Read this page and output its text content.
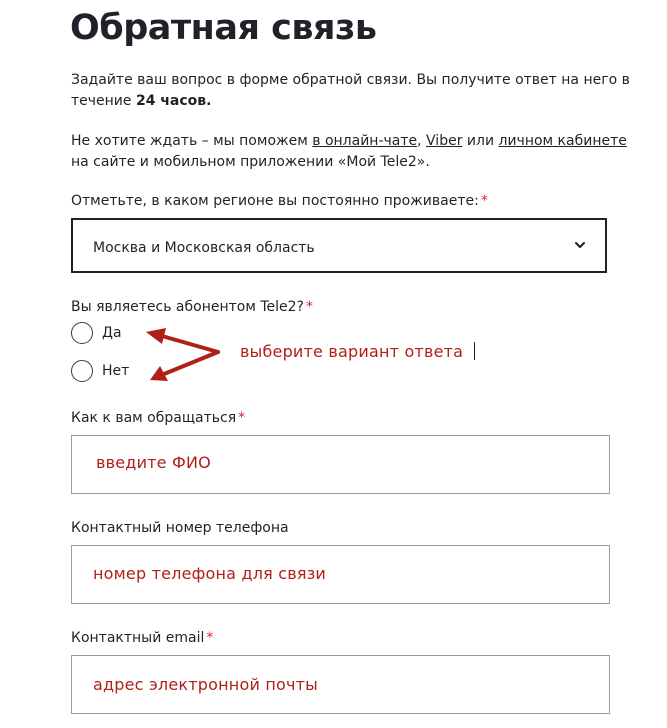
Обратная связь
Задайте ваш вопрос в форме обратной связи. Вы получите ответ на него в течение 24 часов.
Не хотите ждать – мы поможем в онлайн-чате, Viber или личном кабинете на сайте и мобильном приложении «Мой Tele2».
Отметьте, в каком регионе вы постоянно проживаете: *
Москва и Московская область
Вы являетесь абонентом Tele2? *
Да
Нет
выберите вариант ответа
Как к вам обращаться *
введите ФИО
Контактный номер телефона
номер телефона для связи
Контактный email *
адрес электронной почты
